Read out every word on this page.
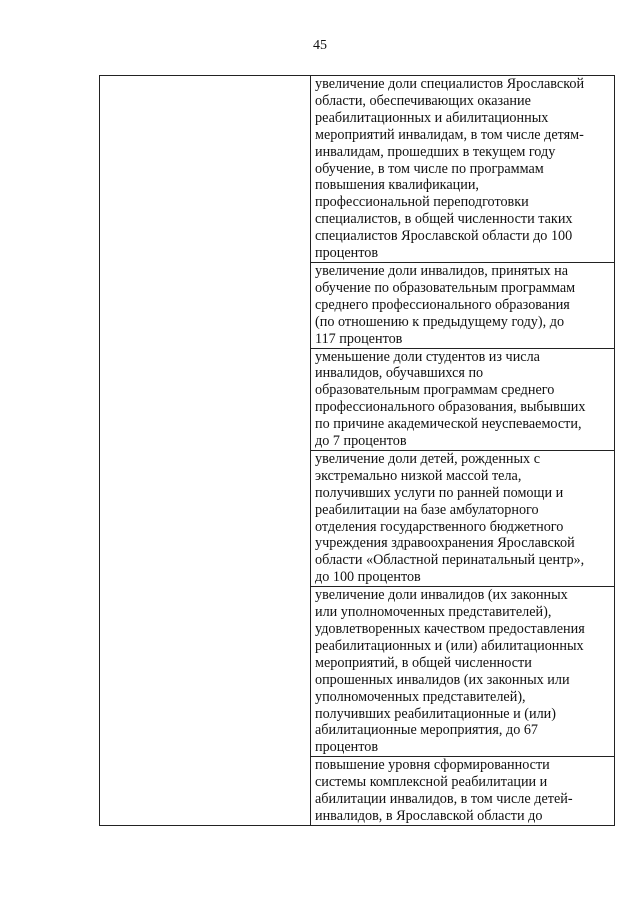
45

увеличение доли специалистов Ярославской
области, обеспечивающих оказание
реабилитационных и абилитационных
мероприятий инвалидам, в том числе детям-
инвалидам, прошедших в текущем году
обучение, в том числе по программам
повышения квалификации,
профессиональной переподготовки
специалистов, в общей численности таких
специалистов Ярославской области до 100
процентов

увеличение доли инвалидов, принятых на
обучение по образовательным программам
среднего профессионального образования
(по отношению к предыдущему году), до
117 процентов

уменьшение доли студентов из числа
инвалидов, обучавшихся по
образовательным программам среднего
профессионального образования, выбывших
по причине академической неуспеваемости,
до 7 процентов

увеличение доли детей, рожденных с
экстремально низкой массой тела,
получивших услуги по ранней помощи и
реабилитации на базе амбулаторного
отделения государственного бюджетного
учреждения здравоохранения Ярославской
области «Областной перинатальный центр»,
до 100 процентов

увеличение доли инвалидов (их законных
или уполномоченных представителей),
удовлетворенных качеством предоставления
реабилитационных и (или) абилитационных
мероприятий, в общей численности
опрошенных инвалидов (их законных или
уполномоченных представителей),
получивших реабилитационные и (или)
абилитационные мероприятия, до 67
процентов

повышение уровня сформированности
системы комплексной реабилитации и
абилитации инвалидов, в том числе детей-
инвалидов, в Ярославской области до
